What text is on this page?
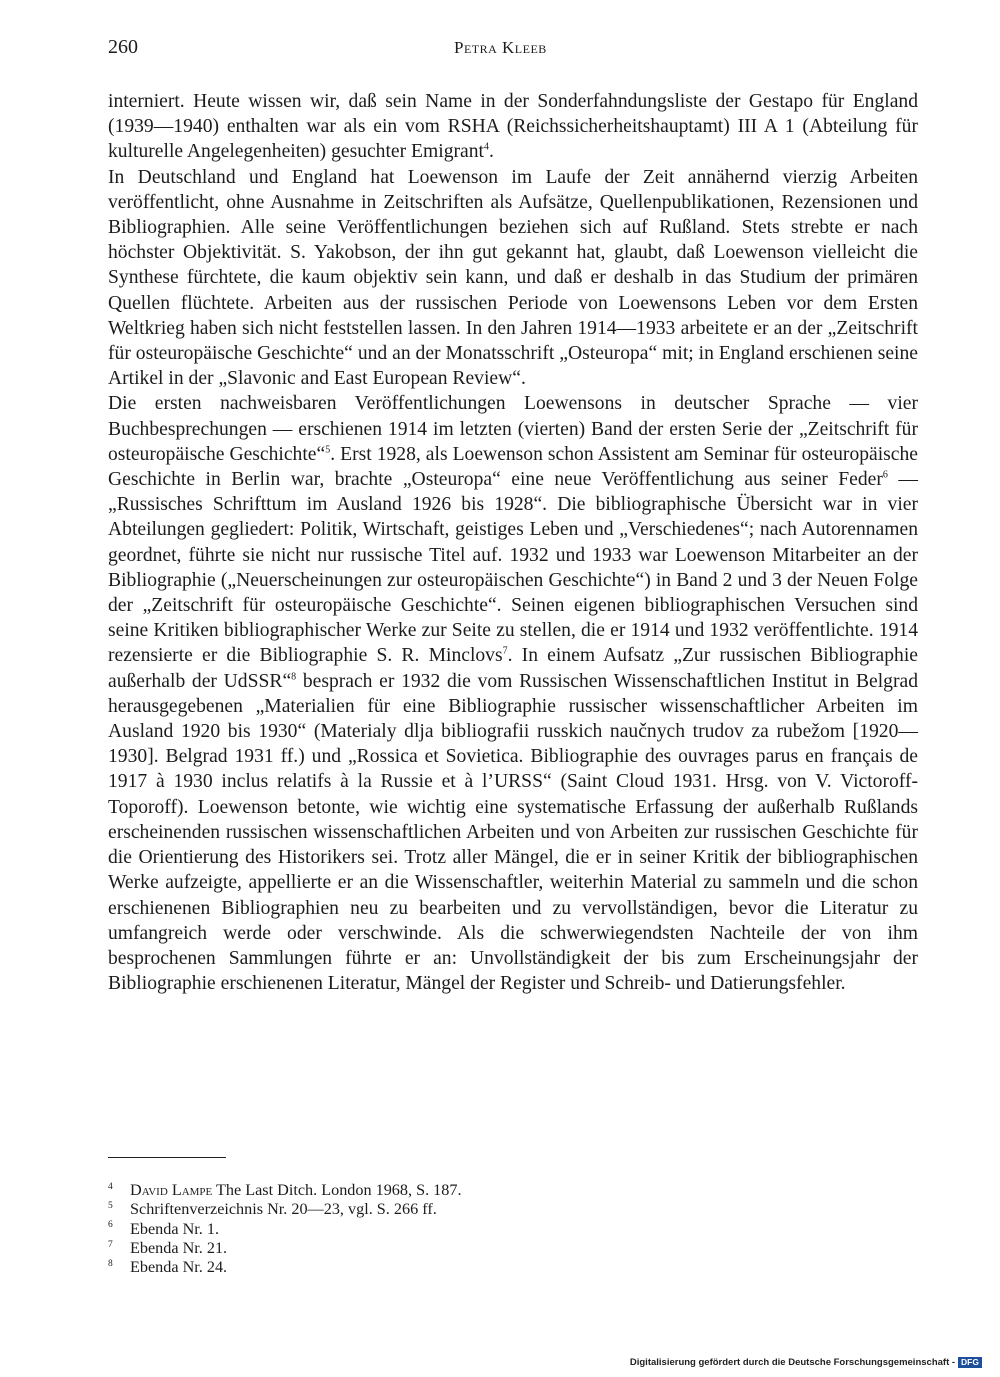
260	Petra Kleeb

interniert. Heute wissen wir, daß sein Name in der Sonderfahndungsliste der Gestapo für England (1939—1940) enthalten war als ein vom RSHA (Reichssicherheitshauptamt) III A 1 (Abteilung für kulturelle Angelegenheiten) gesuchter Emigrant$^4$.

In Deutschland und England hat Loewenson im Laufe der Zeit annähernd vierzig Arbeiten veröffentlicht, ohne Ausnahme in Zeitschriften als Aufsätze, Quellenpublikationen, Rezensionen und Bibliographien. Alle seine Veröffentlichungen beziehen sich auf Rußland. Stets strebte er nach höchster Objektivität. S. Yakobson, der ihn gut gekannt hat, glaubt, daß Loewenson vielleicht die Synthese fürchtete, die kaum objektiv sein kann, und daß er deshalb in das Studium der primären Quellen flüchtete. Arbeiten aus der russischen Periode von Loewensons Leben vor dem Ersten Weltkrieg haben sich nicht feststellen lassen. In den Jahren 1914—1933 arbeitete er an der „Zeitschrift für osteuropäische Geschichte“ und an der Monatsschrift „Osteuropa“ mit; in England erschienen seine Artikel in der „Slavonic and East European Review“.

Die ersten nachweisbaren Veröffentlichungen Loewensons in deutscher Sprache — vier Buchbesprechungen — erschienen 1914 im letzten (vierten) Band der ersten Serie der „Zeitschrift für osteuropäische Geschichte“$^5$. Erst 1928, als Loewenson schon Assistent am Seminar für osteuropäische Geschichte in Berlin war, brachte „Osteuropa“ eine neue Veröffentlichung aus seiner Feder$^6$ — „Russisches Schrifttum im Ausland 1926 bis 1928“. Die bibliographische Übersicht war in vier Abteilungen gegliedert: Politik, Wirtschaft, geistiges Leben und „Verschiedenes“; nach Autorennamen geordnet, führte sie nicht nur russische Titel auf. 1932 und 1933 war Loewenson Mitarbeiter an der Bibliographie („Neuerscheinungen zur osteuropäischen Geschichte“) in Band 2 und 3 der Neuen Folge der „Zeitschrift für osteuropäische Geschichte“. Seinen eigenen bibliographischen Versuchen sind seine Kritiken bibliographischer Werke zur Seite zu stellen, die er 1914 und 1932 veröffentlichte. 1914 rezensierte er die Bibliographie S. R. Minclovs$^7$. In einem Aufsatz „Zur russischen Bibliographie außerhalb der UdSSR“$^8$ besprach er 1932 die vom Russischen Wissenschaftlichen Institut in Belgrad herausgegebenen „Materialien für eine Bibliographie russischer wissenschaftlicher Arbeiten im Ausland 1920 bis 1930“ (Materialy dlja bibliografii russkich naučnych trudov za rubežom [1920—1930]. Belgrad 1931 ff.) und „Rossica et Sovietica. Bibliographie des ouvrages parus en français de 1917 à 1930 inclus relatifs à la Russie et à l’URSS“ (Saint Cloud 1931. Hrsg. von V. Victoroff-Toporoff). Loewenson betonte, wie wichtig eine systematische Erfassung der außerhalb Rußlands erscheinenden russischen wissenschaftlichen Arbeiten und von Arbeiten zur russischen Geschichte für die Orientierung des Historikers sei. Trotz aller Mängel, die er in seiner Kritik der bibliographischen Werke aufzeigte, appellierte er an die Wissenschaftler, weiterhin Material zu sammeln und die schon erschienenen Bibliographien neu zu bearbeiten und zu vervollständigen, bevor die Literatur zu umfangreich werde oder verschwinde. Als die schwerwiegendsten Nachteile der von ihm besprochenen Sammlungen führte er an: Unvollständigkeit der bis zum Erscheinungsjahr der Bibliographie erschienenen Literatur, Mängel der Register und Schreib- und Datierungsfehler.

4 David Lampe The Last Ditch. London 1968, S. 187.
5 Schriftenverzeichnis Nr. 20—23, vgl. S. 266 ff.
6 Ebenda Nr. 1.
7 Ebenda Nr. 21.
8 Ebenda Nr. 24.
Digitalisierung gefördert durch die Deutsche Forschungsgemeinschaft - DFG
